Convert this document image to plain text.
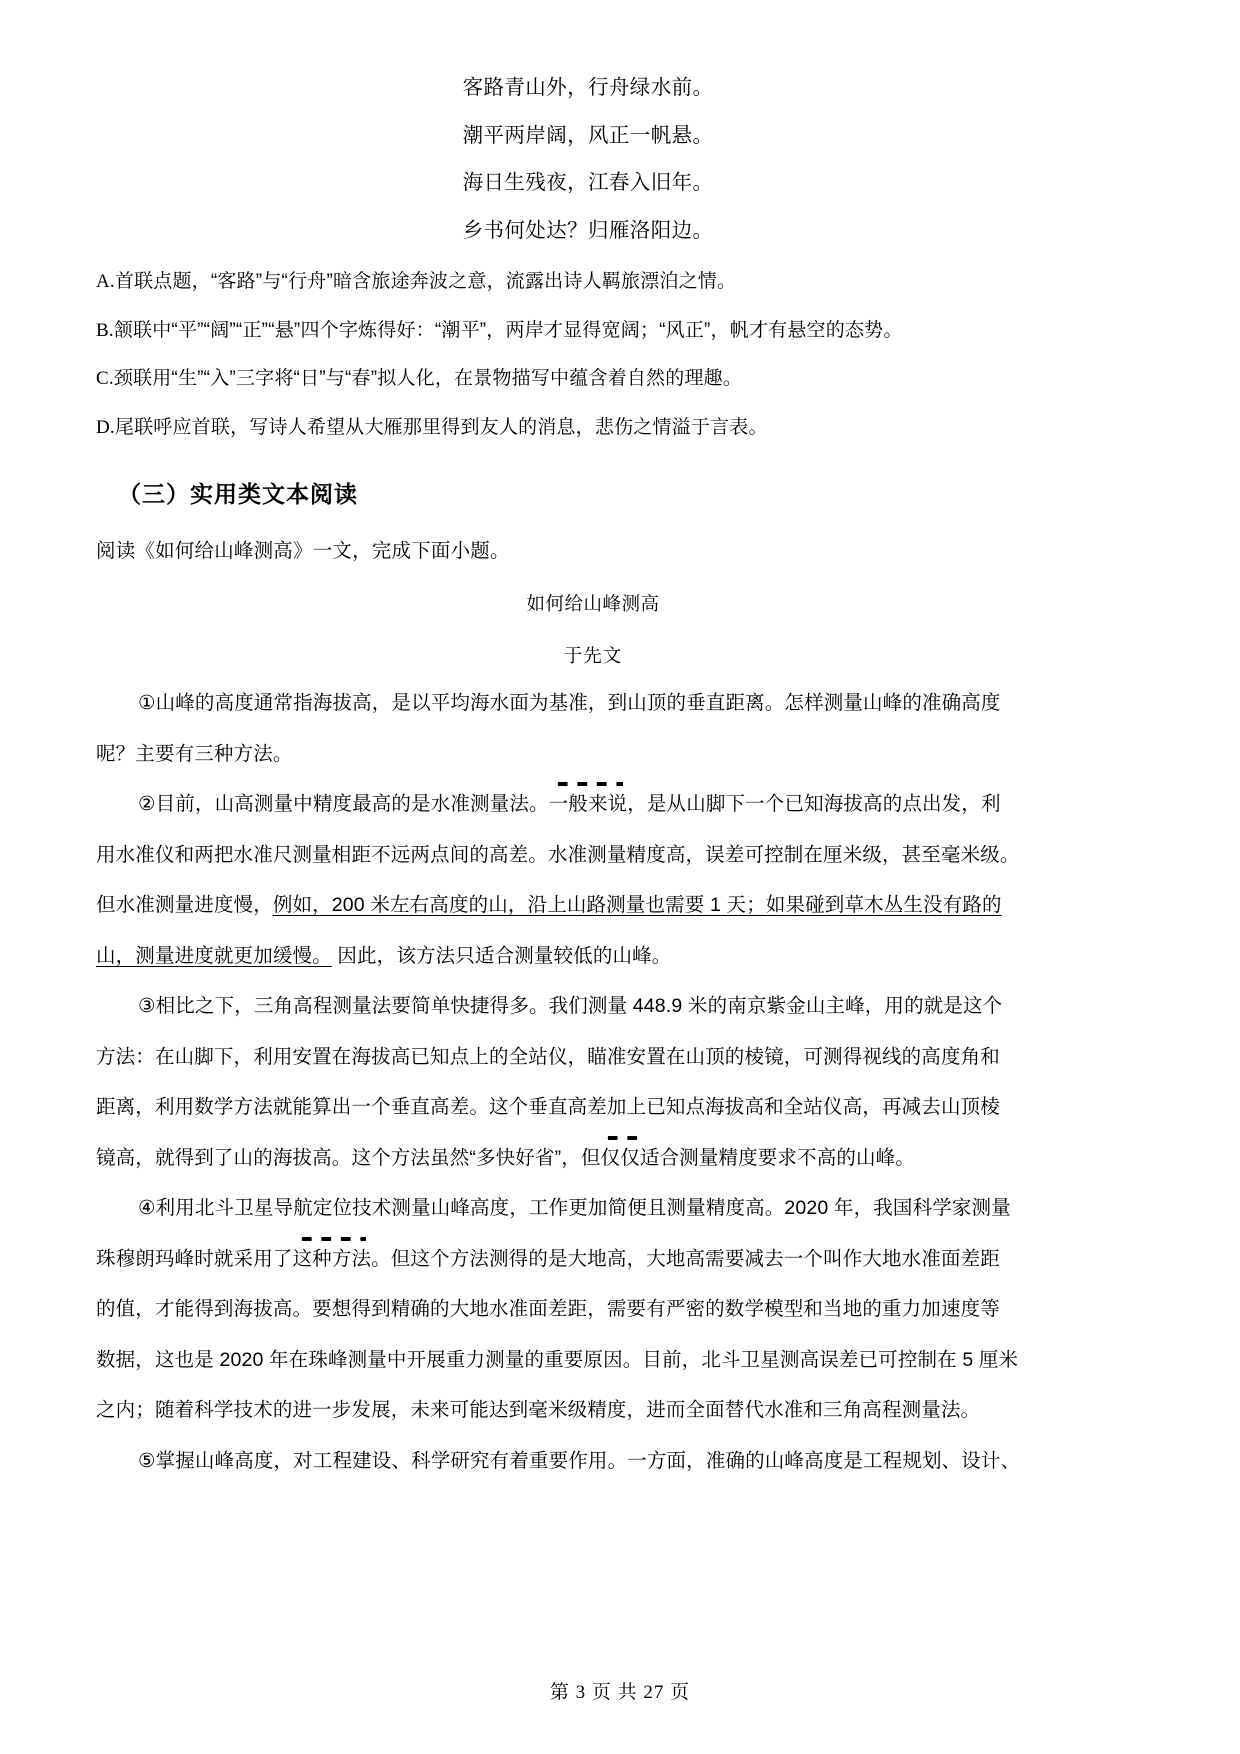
客路青山外，行舟绿水前。

潮平两岸阔，风正一帆悬。

海日生残夜，江春入旧年。

乡书何处达？归雁洛阳边。

A.首联点题，“客路”与“行舟”暗含旅途奔波之意，流露出诗人羁旅漂泊之情。

B.颔联中“平”“阔”“正”“悬”四个字炼得好：“潮平”，两岸才显得宽阔；“风正”，帆才有悬空的态势。

C.颈联用“生”“入”三字将“日”与“春”拟人化，在景物描写中蕴含着自然的理趣。

D.尾联呼应首联，写诗人希望从大雁那里得到友人的消息，悲伤之情溢于言表。

（三）实用类文本阅读

阅读《如何给山峰测高》一文，完成下面小题。

如何给山峰测高

于先文

①山峰的高度通常指海拔高，是以平均海水面为基准，到山顶的垂直距离。怎样测量山峰的准确高度

呢？主要有三种方法。

②目前，山高测量中精度最高的是水准测量法。一般来说，是从山脚下一个已知海拔高的点出发，利

用水准仪和两把水准尺测量相距不远两点间的高差。水准测量精度高，误差可控制在厘米级，甚至毫米级。

但水准测量进度慢，例如，200 米左右高度的山，沿上山路测量也需要 1 天；如果碰到草木丛生没有路的

山，测量进度就更加缓慢。 因此，该方法只适合测量较低的山峰。

③相比之下，三角高程测量法要简单快捷得多。我们测量 448.9 米的南京紫金山主峰，用的就是这个

方法：在山脚下，利用安置在海拔高已知点上的全站仪，瞄准安置在山顶的棱镜，可测得视线的高度角和

距离，利用数学方法就能算出一个垂直高差。这个垂直高差加上已知点海拔高和全站仪高，再减去山顶棱

镜高，就得到了山的海拔高。这个方法虽然“多快好省”，但仅仅适合测量精度要求不高的山峰。

④利用北斗卫星导航定位技术测量山峰高度，工作更加简便且测量精度高。2020 年，我国科学家测量

珠穆朗玛峰时就采用了这种方法。但这个方法测得的是大地高，大地高需要减去一个叫作大地水准面差距

的值，才能得到海拔高。要想得到精确的大地水准面差距，需要有严密的数学模型和当地的重力加速度等

数据，这也是 2020 年在珠峰测量中开展重力测量的重要原因。目前，北斗卫星测高误差已可控制在 5 厘米

之内；随着科学技术的进一步发展，未来可能达到毫米级精度，进而全面替代水准和三角高程测量法。

⑤掌握山峰高度，对工程建设、科学研究有着重要作用。一方面，准确的山峰高度是工程规划、设计、

第 3 页 共 27 页
